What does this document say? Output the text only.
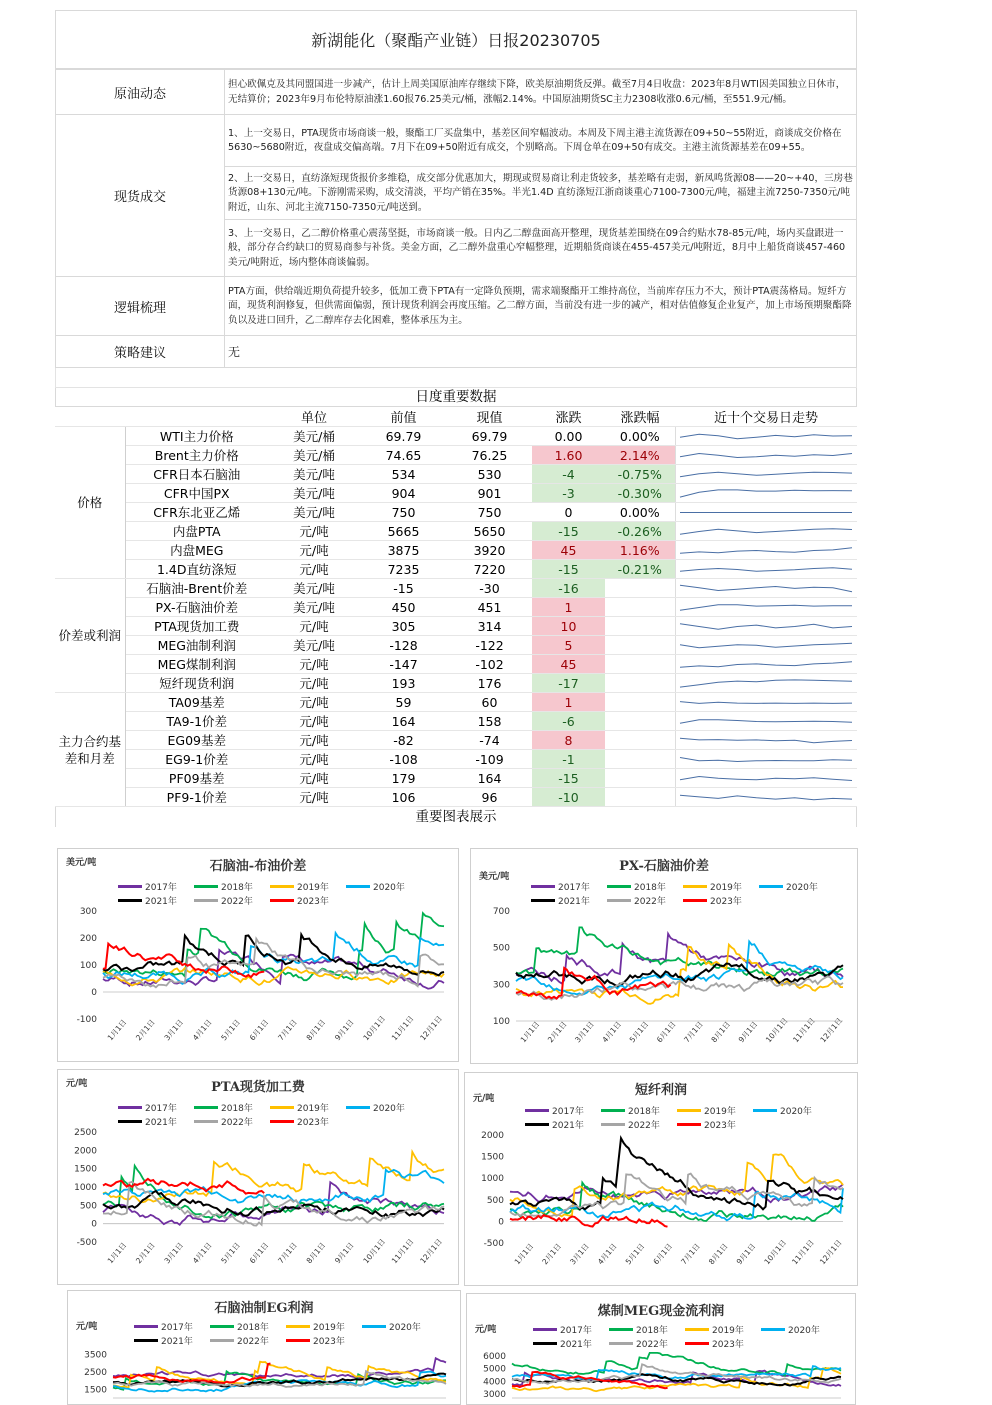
新湖能化（聚酯产业链）日报20230705
原油动态	担心欧佩克及其同盟国进一步减产，估计上周美国原油库存继续下降，欧美原油期货反弹。截至7月4日收盘：2023年8月WTI因美国独立日休市，无结算价；2023年9月布伦特原油涨1.60报76.25美元/桶，涨幅2.14%。中国原油期货SC主力2308收涨0.6元/桶，至551.9元/桶。
现货成交	1、上一交易日，PTA现货市场商谈一般，聚酯工厂买盘集中，基差区间窄幅波动。本周及下周主港主流货源在09+50~55附近，商谈成交价格在5630~5680附近，夜盘成交偏高端。7月下在09+50附近有成交，个别略高。下周仓单在09+50有成交。主港主流货源基差在09+55。
	2、上一交易日，直纺涤短现货报价多维稳，成交部分优惠加大，期现或贸易商让利走货较多，基差略有走弱，新凤鸣货源08——20~+40，三房巷货源08+130元/吨。下游刚需采购，成交清淡，平均产销在35%。半光1.4D 直纺涤短江浙商谈重心7100-7300元/吨，福建主流7250-7350元/吨附近，山东、河北主流7150-7350元/吨送到。
	3、上一交易日，乙二醇价格重心震荡坚挺，市场商谈一般。日内乙二醇盘面高开整理，现货基差围绕在09合约贴水78-85元/吨，场内买盘跟进一般，部分存合约缺口的贸易商参与补货。美金方面，乙二醇外盘重心窄幅整理，近期船货商谈在455-457美元/吨附近，8月中上船货商谈457-460美元/吨附近，场内整体商谈偏弱。
逻辑梳理	PTA方面，供给端近期负荷提升较多，低加工费下PTA有一定降负预期，需求端聚酯开工维持高位，当前库存压力不大，预计PTA震荡格局。短纤方面，现货利润修复，但供需面偏弱，预计现货利润会再度压缩。乙二醇方面，当前没有进一步的减产，相对估值修复企业复产，加上市场预期聚酯降负以及进口回升，乙二醇库存去化困难，整体承压为主。
策略建议	无
日度重要数据
		单位	前值	现值	涨跌	涨跌幅	近十个交易日走势
价格	WTI主力价格	美元/桶	69.79	69.79	0.00	0.00%	

	Brent主力价格	美元/桶	74.65	76.25	1.60	2.14%	

	CFR日本石脑油	美元/吨	534	530	-4	-0.75%	

	CFR中国PX	美元/吨	904	901	-3	-0.30%	

	CFR东北亚乙烯	美元/吨	750	750	0	0.00%	

	内盘PTA	元/吨	5665	5650	-15	-0.26%	

	内盘MEG	元/吨	3875	3920	45	1.16%	

	1.4D直纺涤短	元/吨	7235	7220	-15	-0.21%	

价差或利润	石脑油-Brent价差	美元/吨	-15	-30	-16		

	PX-石脑油价差	美元/吨	450	451	1		

	PTA现货加工费	元/吨	305	314	10		

	MEG油制利润	美元/吨	-128	-122	5		

	MEG煤制利润	元/吨	-147	-102	45		

	短纤现货利润	元/吨	193	176	-17		

主力合约基差和月差	TA09基差	元/吨	59	60	1		

	TA9-1价差	元/吨	164	158	-6		

	EG09基差	元/吨	-82	-74	8		

	EG9-1价差	元/吨	-108	-109	-1		

	PF09基差	元/吨	179	164	-15		

	PF9-1价差	元/吨	106	96	-10		
重要图表展示
石脑油-布油价差
美元/吨
2017年	2018年	2019年	2020年
2021年	2022年	2023年
300
200
100
0
-100 1月1日 2月1日 3月1日 4月1日 5月1日 6月1日 7月1日 8月1日 9月1日 10月1日 11月1日 12月1日
PX-石脑油价差
美元/吨
2017年	2018年	2019年	2020年
2021年	2022年	2023年
700
500
300
100 1月1日 2月1日 3月1日 4月1日 5月1日 6月1日 7月1日 8月1日 9月1日 10月1日 11月1日 12月1日
PTA现货加工费
元/吨
2017年	2018年	2019年	2020年
2021年	2022年	2023年
2500
2000
1500
1000
500
0
-500 1月1日 2月1日 3月1日 4月1日 5月1日 6月1日 7月1日 8月1日 9月1日 10月1日 11月1日 12月1日
短纤利润
元/吨
2017年	2018年	2019年	2020年
2021年	2022年	2023年
2000
1500
1000
500
0
-500 1月1日 2月1日 3月1日 4月1日 5月1日 6月1日 7月1日 8月1日 9月1日 10月1日 11月1日 12月1日
石脑油制EG利润
元/吨	2017年	2018年	2019年	2020年
2021年	2022年	2023年
3500
2500
1500
煤制MEG现金流利润
元/吨	2017年	2018年	2019年	2020年
2021年	2022年	2023年
6000
5000
4000
3000
